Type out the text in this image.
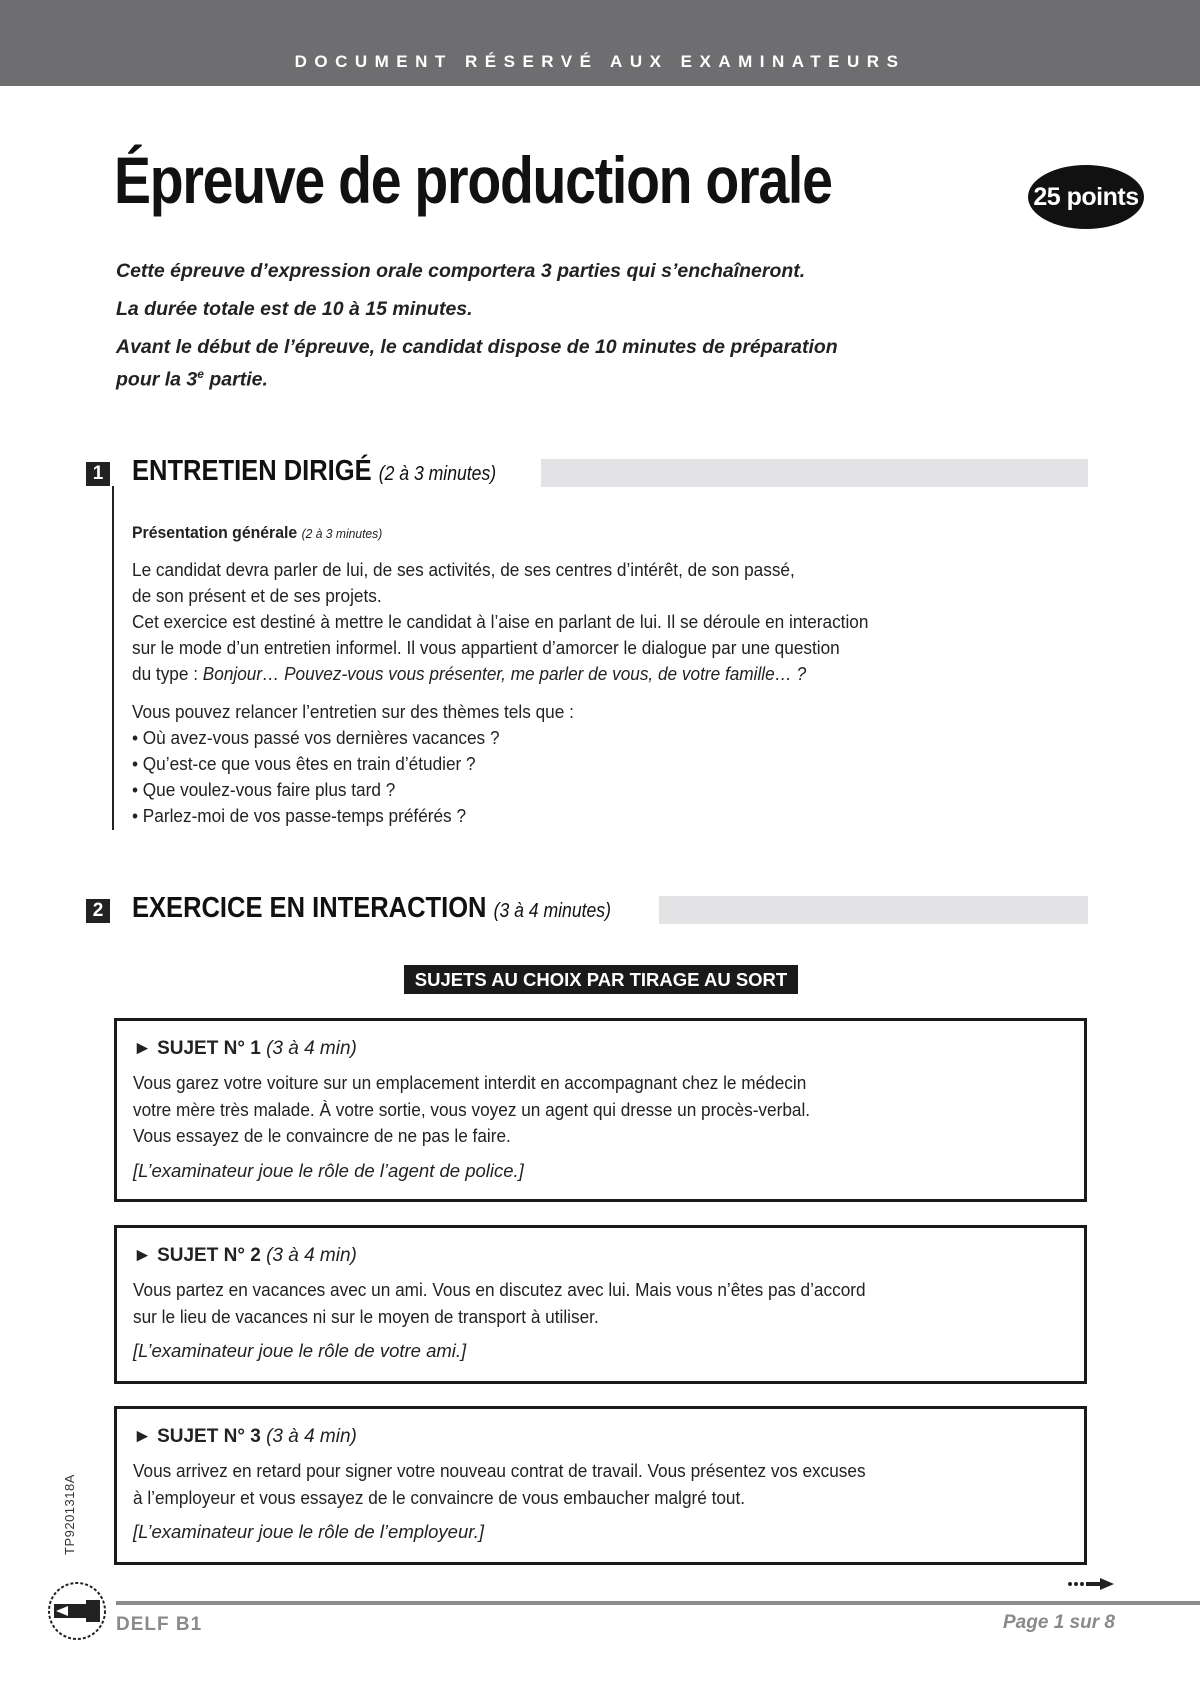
DOCUMENT RÉSERVÉ AUX EXAMINATEURS
Épreuve de production orale	25 points

Cette épreuve d’expression orale comportera 3 parties qui s’enchaîneront.

La durée totale est de 10 à 15 minutes.

Avant le début de l’épreuve, le candidat dispose de 10 minutes de préparation
pour la 3e partie.

1 ENTRETIEN DIRIGÉ (2 à 3 minutes)
Présentation générale (2 à 3 minutes)

Le candidat devra parler de lui, de ses activités, de ses centres d’intérêt, de son passé,
de son présent et de ses projets.
Cet exercice est destiné à mettre le candidat à l’aise en parlant de lui. Il se déroule en interaction
sur le mode d’un entretien informel. Il vous appartient d’amorcer le dialogue par une question
du type : Bonjour… Pouvez-vous vous présenter, me parler de vous, de votre famille… ?

Vous pouvez relancer l’entretien sur des thèmes tels que :
• Où avez-vous passé vos dernières vacances ?
• Qu’est-ce que vous êtes en train d’étudier ?
• Que voulez-vous faire plus tard ?
• Parlez-moi de vos passe-temps préférés ?
2 EXERCICE EN INTERACTION (3 à 4 minutes)
SUJETS AU CHOIX PAR TIRAGE AU SORT
► SUJET N° 1 (3 à 4 min)
Vous garez votre voiture sur un emplacement interdit en accompagnant chez le médecin
votre mère très malade. À votre sortie, vous voyez un agent qui dresse un procès-verbal.
Vous essayez de le convaincre de ne pas le faire.
[L’examinateur joue le rôle de l’agent de police.]
► SUJET N° 2 (3 à 4 min)
Vous partez en vacances avec un ami. Vous en discutez avec lui. Mais vous n’êtes pas d’accord
sur le lieu de vacances ni sur le moyen de transport à utiliser.
[L’examinateur joue le rôle de votre ami.]
► SUJET N° 3 (3 à 4 min)
Vous arrivez en retard pour signer votre nouveau contrat de travail. Vous présentez vos excuses
à l’employeur et vous essayez de le convaincre de vous embaucher malgré tout.
[L’examinateur joue le rôle de l’employeur.]
TP9201318A
DELF B1	Page 1 sur 8
